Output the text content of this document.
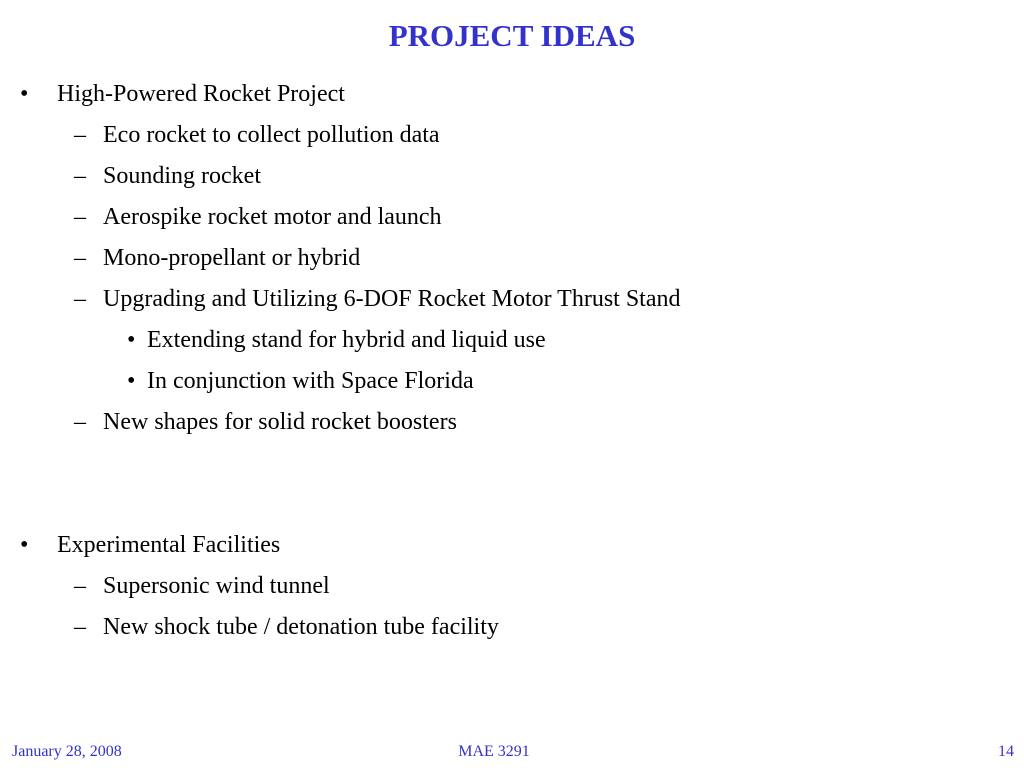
PROJECT IDEAS
• High-Powered Rocket Project
– Eco rocket to collect pollution data
– Sounding rocket
– Aerospike rocket motor and launch
– Mono-propellant or hybrid
– Upgrading and Utilizing 6-DOF Rocket Motor Thrust Stand
• Extending stand for hybrid and liquid use
• In conjunction with Space Florida
– New shapes for solid rocket boosters
• Experimental Facilities
– Supersonic wind tunnel
– New shock tube / detonation tube facility
January 28, 2008	MAE 3291	14
